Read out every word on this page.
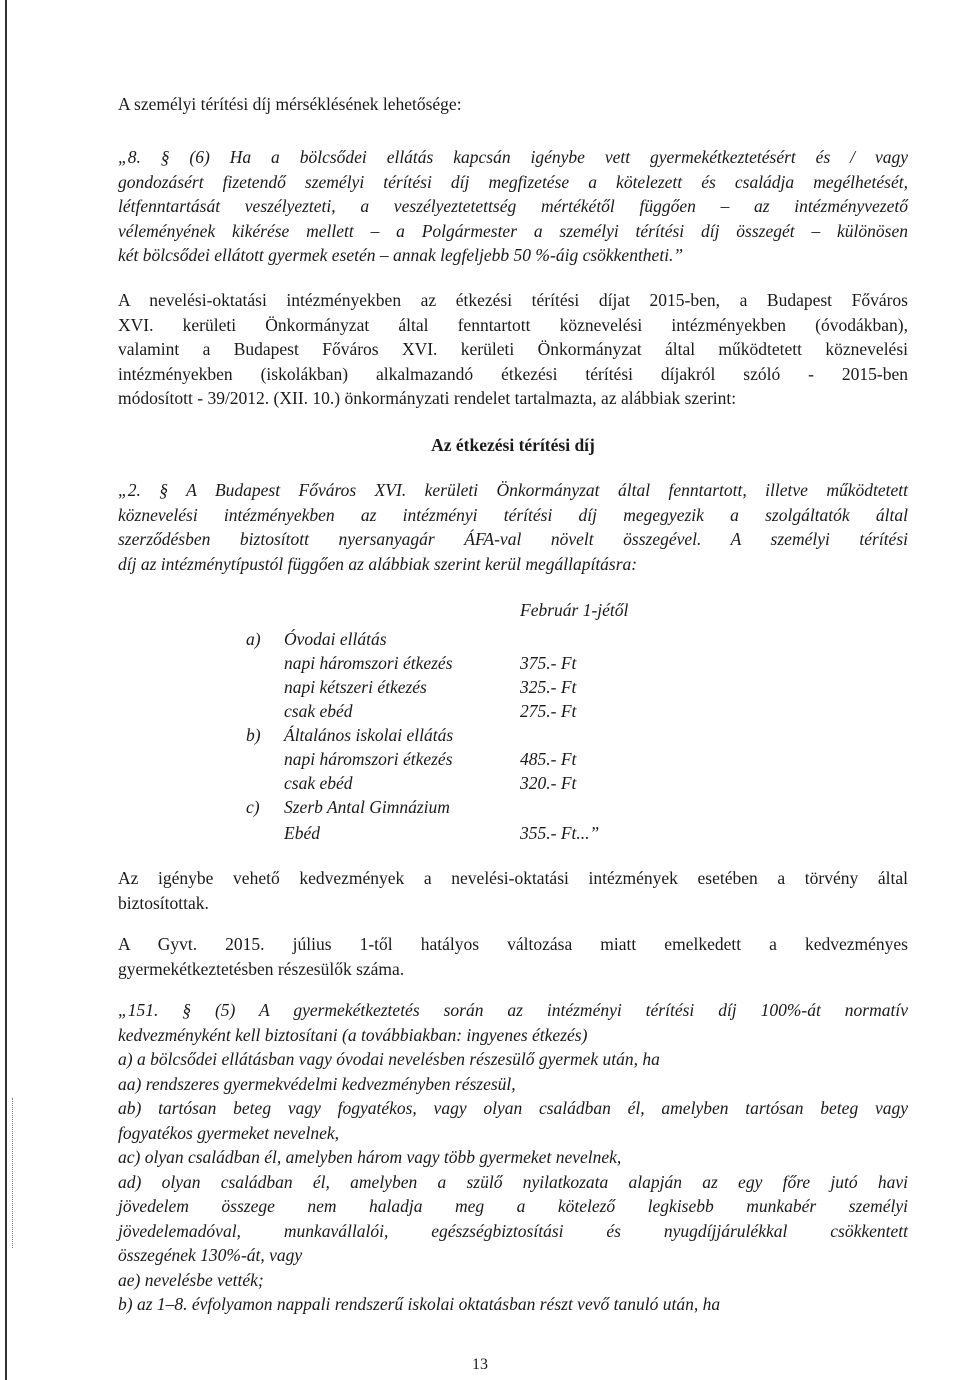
A személyi térítési díj mérséklésének lehetősége:
„8. § (6) Ha a bölcsődei ellátás kapcsán igénybe vett gyermekétkeztetésért és / vagy
gondozásért fizetendő személyi térítési díj megfizetése a kötelezett és családja megélhetését,
létfenntartását veszélyezteti, a veszélyeztetettség mértékétől függően – az intézményvezető
véleményének kikérése mellett – a Polgármester a személyi térítési díj összegét – különösen
két bölcsődei ellátott gyermek esetén – annak legfeljebb 50 %-áig csökkentheti.”
A nevelési-oktatási intézményekben az étkezési térítési díjat 2015-ben, a Budapest Főváros
XVI. kerületi Önkormányzat által fenntartott köznevelési intézményekben (óvodákban),
valamint a Budapest Főváros XVI. kerületi Önkormányzat által működtetett köznevelési
intézményekben (iskolákban) alkalmazandó étkezési térítési díjakról szóló - 2015-ben
módosított - 39/2012. (XII. 10.) önkormányzati rendelet tartalmazta, az alábbiak szerint:
Az étkezési térítési díj
„2. § A Budapest Főváros XVI. kerületi Önkormányzat által fenntartott, illetve működtetett
köznevelési intézményekben az intézményi térítési díj megegyezik a szolgáltatók által
szerződésben biztosított nyersanyagár ÁFA-val növelt összegével. A személyi térítési
díj az intézménytípustól függően az alábbiak szerint kerül megállapításra:
Február 1-jétől
a) Óvodai ellátás
napi háromszori étkezés	375.- Ft
napi kétszeri étkezés	325.- Ft
csak ebéd	275.- Ft
b) Általános iskolai ellátás
napi háromszori étkezés	485.- Ft
csak ebéd	320.- Ft
c) Szerb Antal Gimnázium
Ebéd	355.- Ft...”
Az igénybe vehető kedvezmények a nevelési-oktatási intézmények esetében a törvény által
biztosítottak.
A Gyvt. 2015. július 1-től hatályos változása miatt emelkedett a kedvezményes
gyermekétkeztetésben részesülők száma.
„151. § (5) A gyermekétkeztetés során az intézményi térítési díj 100%-át normatív
kedvezményként kell biztosítani (a továbbiakban: ingyenes étkezés)
a) a bölcsődei ellátásban vagy óvodai nevelésben részesülő gyermek után, ha
aa) rendszeres gyermekvédelmi kedvezményben részesül,
ab) tartósan beteg vagy fogyatékos, vagy olyan családban él, amelyben tartósan beteg vagy
fogyatékos gyermeket nevelnek,
ac) olyan családban él, amelyben három vagy több gyermeket nevelnek,
ad) olyan családban él, amelyben a szülő nyilatkozata alapján az egy főre jutó havi
jövedelem összege nem haladja meg a kötelező legkisebb munkabér személyi
jövedelemadóval, munkavállalói, egészségbiztosítási és nyugdíjjárulékkal csökkentett
összegének 130%-át, vagy
ae) nevelésbe vették;
b) az 1–8. évfolyamon nappali rendszerű iskolai oktatásban részt vevő tanuló után, ha
13
